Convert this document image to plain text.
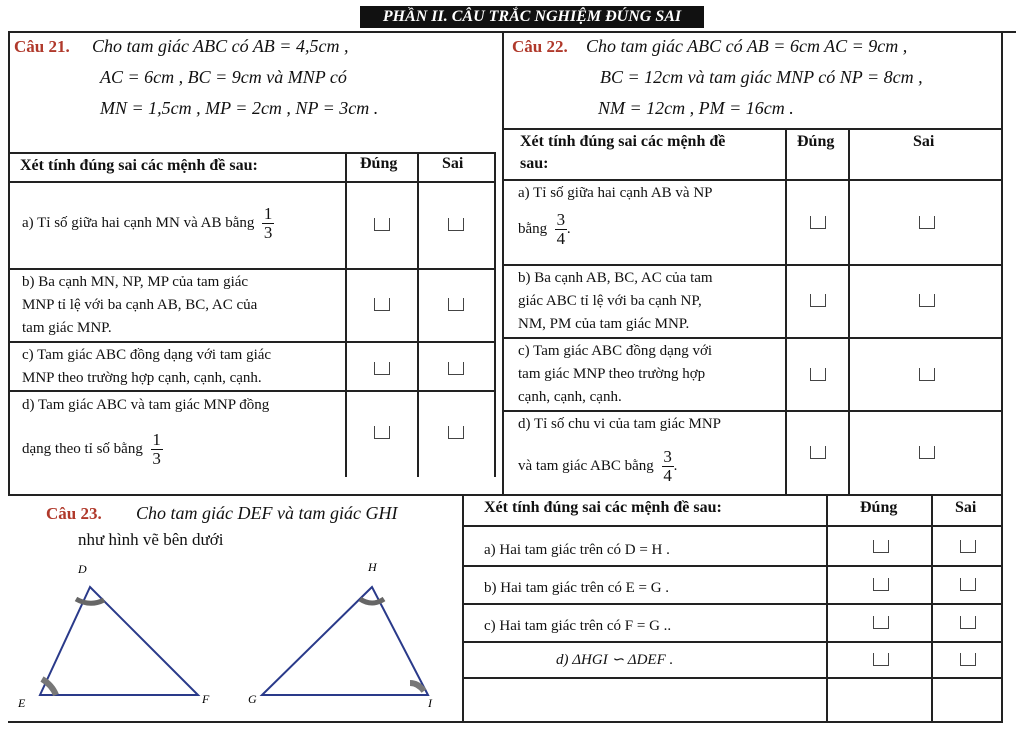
PHẦN II. CÂU TRẮC NGHIỆM ĐÚNG SAI
Câu 21. Cho tam giác ABC có AB = 4,5cm ,
AC = 6cm , BC = 9cm và MNP có
MN = 1,5cm , MP = 2cm , NP = 3cm .
Xét tính đúng sai các mệnh đề sau:	Đúng	Sai
a) Tỉ số giữa hai cạnh MN và AB bằng $\frac{1}{3}$
b) Ba cạnh MN, NP, MP của tam giác
MNP tỉ lệ với ba cạnh AB, BC, AC của
tam giác MNP.
c) Tam giác ABC đồng dạng với tam giác
MNP theo trường hợp cạnh, cạnh, cạnh.
d) Tam giác ABC và tam giác MNP đồng
dạng theo tỉ số bằng $\frac{1}{3}$
Câu 22. Cho tam giác ABC có AB = 6cm AC = 9cm ,
BC = 12cm và tam giác MNP có NP = 8cm ,
NM = 12cm , PM = 16cm .
Xét tính đúng sai các mệnh đề
sau:
Đúng	Sai
a) Tỉ số giữa hai cạnh AB và NP
bằng $\frac{3}{4}$ .
b) Ba cạnh AB, BC, AC của tam
giác ABC tỉ lệ với ba cạnh NP,
NM, PM của tam giác MNP.
c) Tam giác ABC đồng dạng với
tam giác MNP theo trường hợp
cạnh, cạnh, cạnh.
d) Tỉ số chu vi của tam giác MNP
và tam giác ABC bằng $\frac{3}{4}$ .
Câu 23. Cho tam giác DEF và tam giác GHI
như hình vẽ bên dưới
D
E	F
H
G	I
Xét tính đúng sai các mệnh đề sau:	Đúng	Sai
a) Hai tam giác trên có D = H .
b) Hai tam giác trên có E = G .
c) Hai tam giác trên có F = G ..
d) ΔHGI ∽ ΔDEF .
